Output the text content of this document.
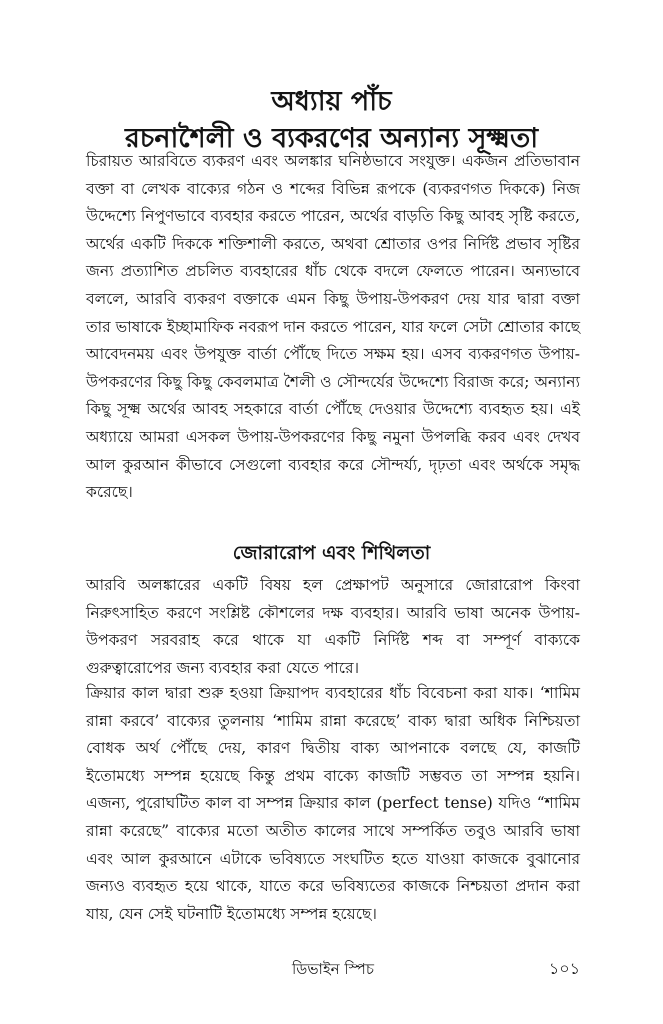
অধ্যায় পাঁচ

রচনাশৈলী ও ব্যকরণের অন্যান্য সূক্ষ্মতা

চিরায়ত আরবিতে ব্যকরণ এবং অলঙ্কার ঘনিষ্ঠভাবে সংযুক্ত। একজন প্রতিভাবান বক্তা বা লেখক বাক্যের গঠন ও শব্দের বিভিন্ন রূপকে (ব্যকরণগত দিককে) নিজ উদ্দেশ্যে নিপুণভাবে ব্যবহার করতে পারেন, অর্থের বাড়তি কিছু আবহ সৃষ্টি করতে, অর্থের একটি দিককে শক্তিশালী করতে, অথবা শ্রোতার ওপর নির্দিষ্ট প্রভাব সৃষ্টির জন্য প্রত্যাশিত প্রচলিত ব্যবহারের ধাঁচ থেকে বদলে ফেলতে পারেন। অন্যভাবে বললে, আরবি ব্যকরণ বক্তাকে এমন কিছু উপায়-উপকরণ দেয় যার দ্বারা বক্তা তার ভাষাকে ইচ্ছামাফিক নবরূপ দান করতে পারেন, যার ফলে সেটা শ্রোতার কাছে আবেদনময় এবং উপযুক্ত বার্তা পৌঁছে দিতে সক্ষম হয়। এসব ব্যকরণগত উপায়-উপকরণের কিছু কিছু কেবলমাত্র শৈলী ও সৌন্দর্যের উদ্দেশ্যে বিরাজ করে; অন্যান্য কিছু সূক্ষ্ম অর্থের আবহ সহকারে বার্তা পৌঁছে দেওয়ার উদ্দেশ্যে ব্যবহৃত হয়। এই অধ্যায়ে আমরা এসকল উপায়-উপকরণের কিছু নমুনা উপলব্ধি করব এবং দেখব আল কুরআন কীভাবে সেগুলো ব্যবহার করে সৌন্দর্য্য, দৃঢ়তা এবং অর্থকে সমৃদ্ধ করেছে।

জোরারোপ এবং শিথিলতা

আরবি অলঙ্কারের একটি বিষয় হল প্রেক্ষাপট অনুসারে জোরারোপ কিংবা নিরুৎসাহিত করণে সংশ্লিষ্ট কৌশলের দক্ষ ব্যবহার। আরবি ভাষা অনেক উপায়-উপকরণ সরবরাহ করে থাকে যা একটি নির্দিষ্ট শব্দ বা সম্পূর্ণ বাক্যকে গুরুত্বারোপের জন্য ব্যবহার করা যেতে পারে।

ক্রিয়ার কাল দ্বারা শুরু হওয়া ক্রিয়াপদ ব্যবহারের ধাঁচ বিবেচনা করা যাক। ‘শামিম রান্না করবে’ বাক্যের তুলনায় ‘শামিম রান্না করেছে’ বাক্য দ্বারা অধিক নিশ্চিয়তা বোধক অর্থ পৌঁছে দেয়, কারণ দ্বিতীয় বাক্য আপনাকে বলছে যে, কাজটি ইতোমধ্যে সম্পন্ন হয়েছে কিন্তু প্রথম বাক্যে কাজটি সম্ভবত তা সম্পন্ন হয়নি। এজন্য, পুরোঘটিত কাল বা সম্পন্ন ক্রিয়ার কাল (perfect tense) যদিও “শামিম রান্না করেছে” বাক্যের মতো অতীত কালের সাথে সম্পর্কিত তবুও আরবি ভাষা এবং আল কুরআনে এটাকে ভবিষ্যতে সংঘটিত হতে যাওয়া কাজকে বুঝানোর জন্যও ব্যবহৃত হয়ে থাকে, যাতে করে ভবিষ্যতের কাজকে নিশ্চয়তা প্রদান করা যায়, যেন সেই ঘটনাটি ইতোমধ্যে সম্পন্ন হয়েছে।

ডিভাইন স্পিচ	১০১
